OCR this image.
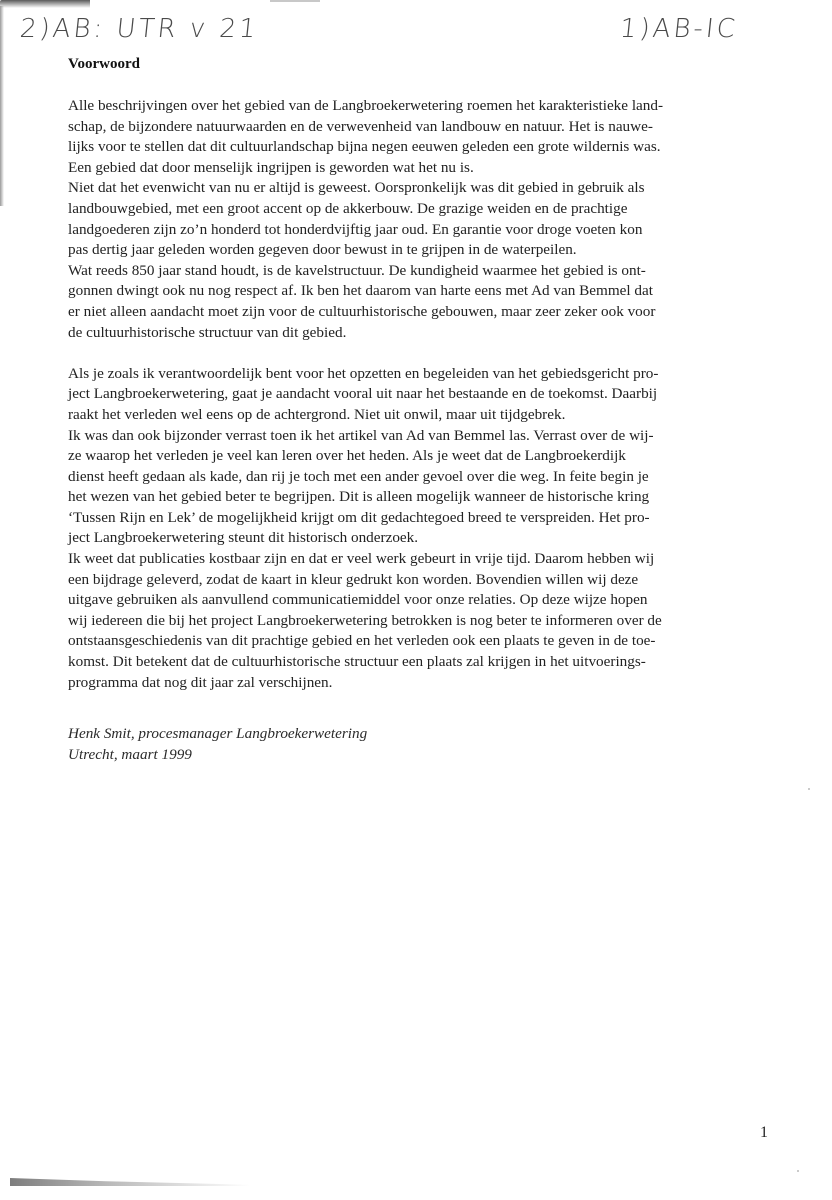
2)AB: UTR v 21	1)AB-IC
Voorwoord
Alle beschrijvingen over het gebied van de Langbroekerwetering roemen het karakteristieke land-
schap, de bijzondere natuurwaarden en de verwevenheid van landbouw en natuur. Het is nauwe-
lijks voor te stellen dat dit cultuurlandschap bijna negen eeuwen geleden een grote wildernis was.
Een gebied dat door menselijk ingrijpen is geworden wat het nu is.
Niet dat het evenwicht van nu er altijd is geweest. Oorspronkelijk was dit gebied in gebruik als
landbouwgebied, met een groot accent op de akkerbouw. De grazige weiden en de prachtige
landgoederen zijn zo’n honderd tot honderdvijftig jaar oud. En garantie voor droge voeten kon
pas dertig jaar geleden worden gegeven door bewust in te grijpen in de waterpeilen.
Wat reeds 850 jaar stand houdt, is de kavelstructuur. De kundigheid waarmee het gebied is ont-
gonnen dwingt ook nu nog respect af. Ik ben het daarom van harte eens met Ad van Bemmel dat
er niet alleen aandacht moet zijn voor de cultuurhistorische gebouwen, maar zeer zeker ook voor
de cultuurhistorische structuur van dit gebied.
Als je zoals ik verantwoordelijk bent voor het opzetten en begeleiden van het gebiedsgericht pro-
ject Langbroekerwetering, gaat je aandacht vooral uit naar het bestaande en de toekomst. Daarbij
raakt het verleden wel eens op de achtergrond. Niet uit onwil, maar uit tijdgebrek.
Ik was dan ook bijzonder verrast toen ik het artikel van Ad van Bemmel las. Verrast over de wij-
ze waarop het verleden je veel kan leren over het heden. Als je weet dat de Langbroekerdijk
dienst heeft gedaan als kade, dan rij je toch met een ander gevoel over die weg. In feite begin je
het wezen van het gebied beter te begrijpen. Dit is alleen mogelijk wanneer de historische kring
‘Tussen Rijn en Lek’ de mogelijkheid krijgt om dit gedachtegoed breed te verspreiden. Het pro-
ject Langbroekerwetering steunt dit historisch onderzoek.
Ik weet dat publicaties kostbaar zijn en dat er veel werk gebeurt in vrije tijd. Daarom hebben wij
een bijdrage geleverd, zodat de kaart in kleur gedrukt kon worden. Bovendien willen wij deze
uitgave gebruiken als aanvullend communicatiemiddel voor onze relaties. Op deze wijze hopen
wij iedereen die bij het project Langbroekerwetering betrokken is nog beter te informeren over de
ontstaansgeschiedenis van dit prachtige gebied en het verleden ook een plaats te geven in de toe-
komst. Dit betekent dat de cultuurhistorische structuur een plaats zal krijgen in het uitvoerings-
programma dat nog dit jaar zal verschijnen.
Henk Smit, procesmanager Langbroekerwetering
Utrecht, maart 1999
1
